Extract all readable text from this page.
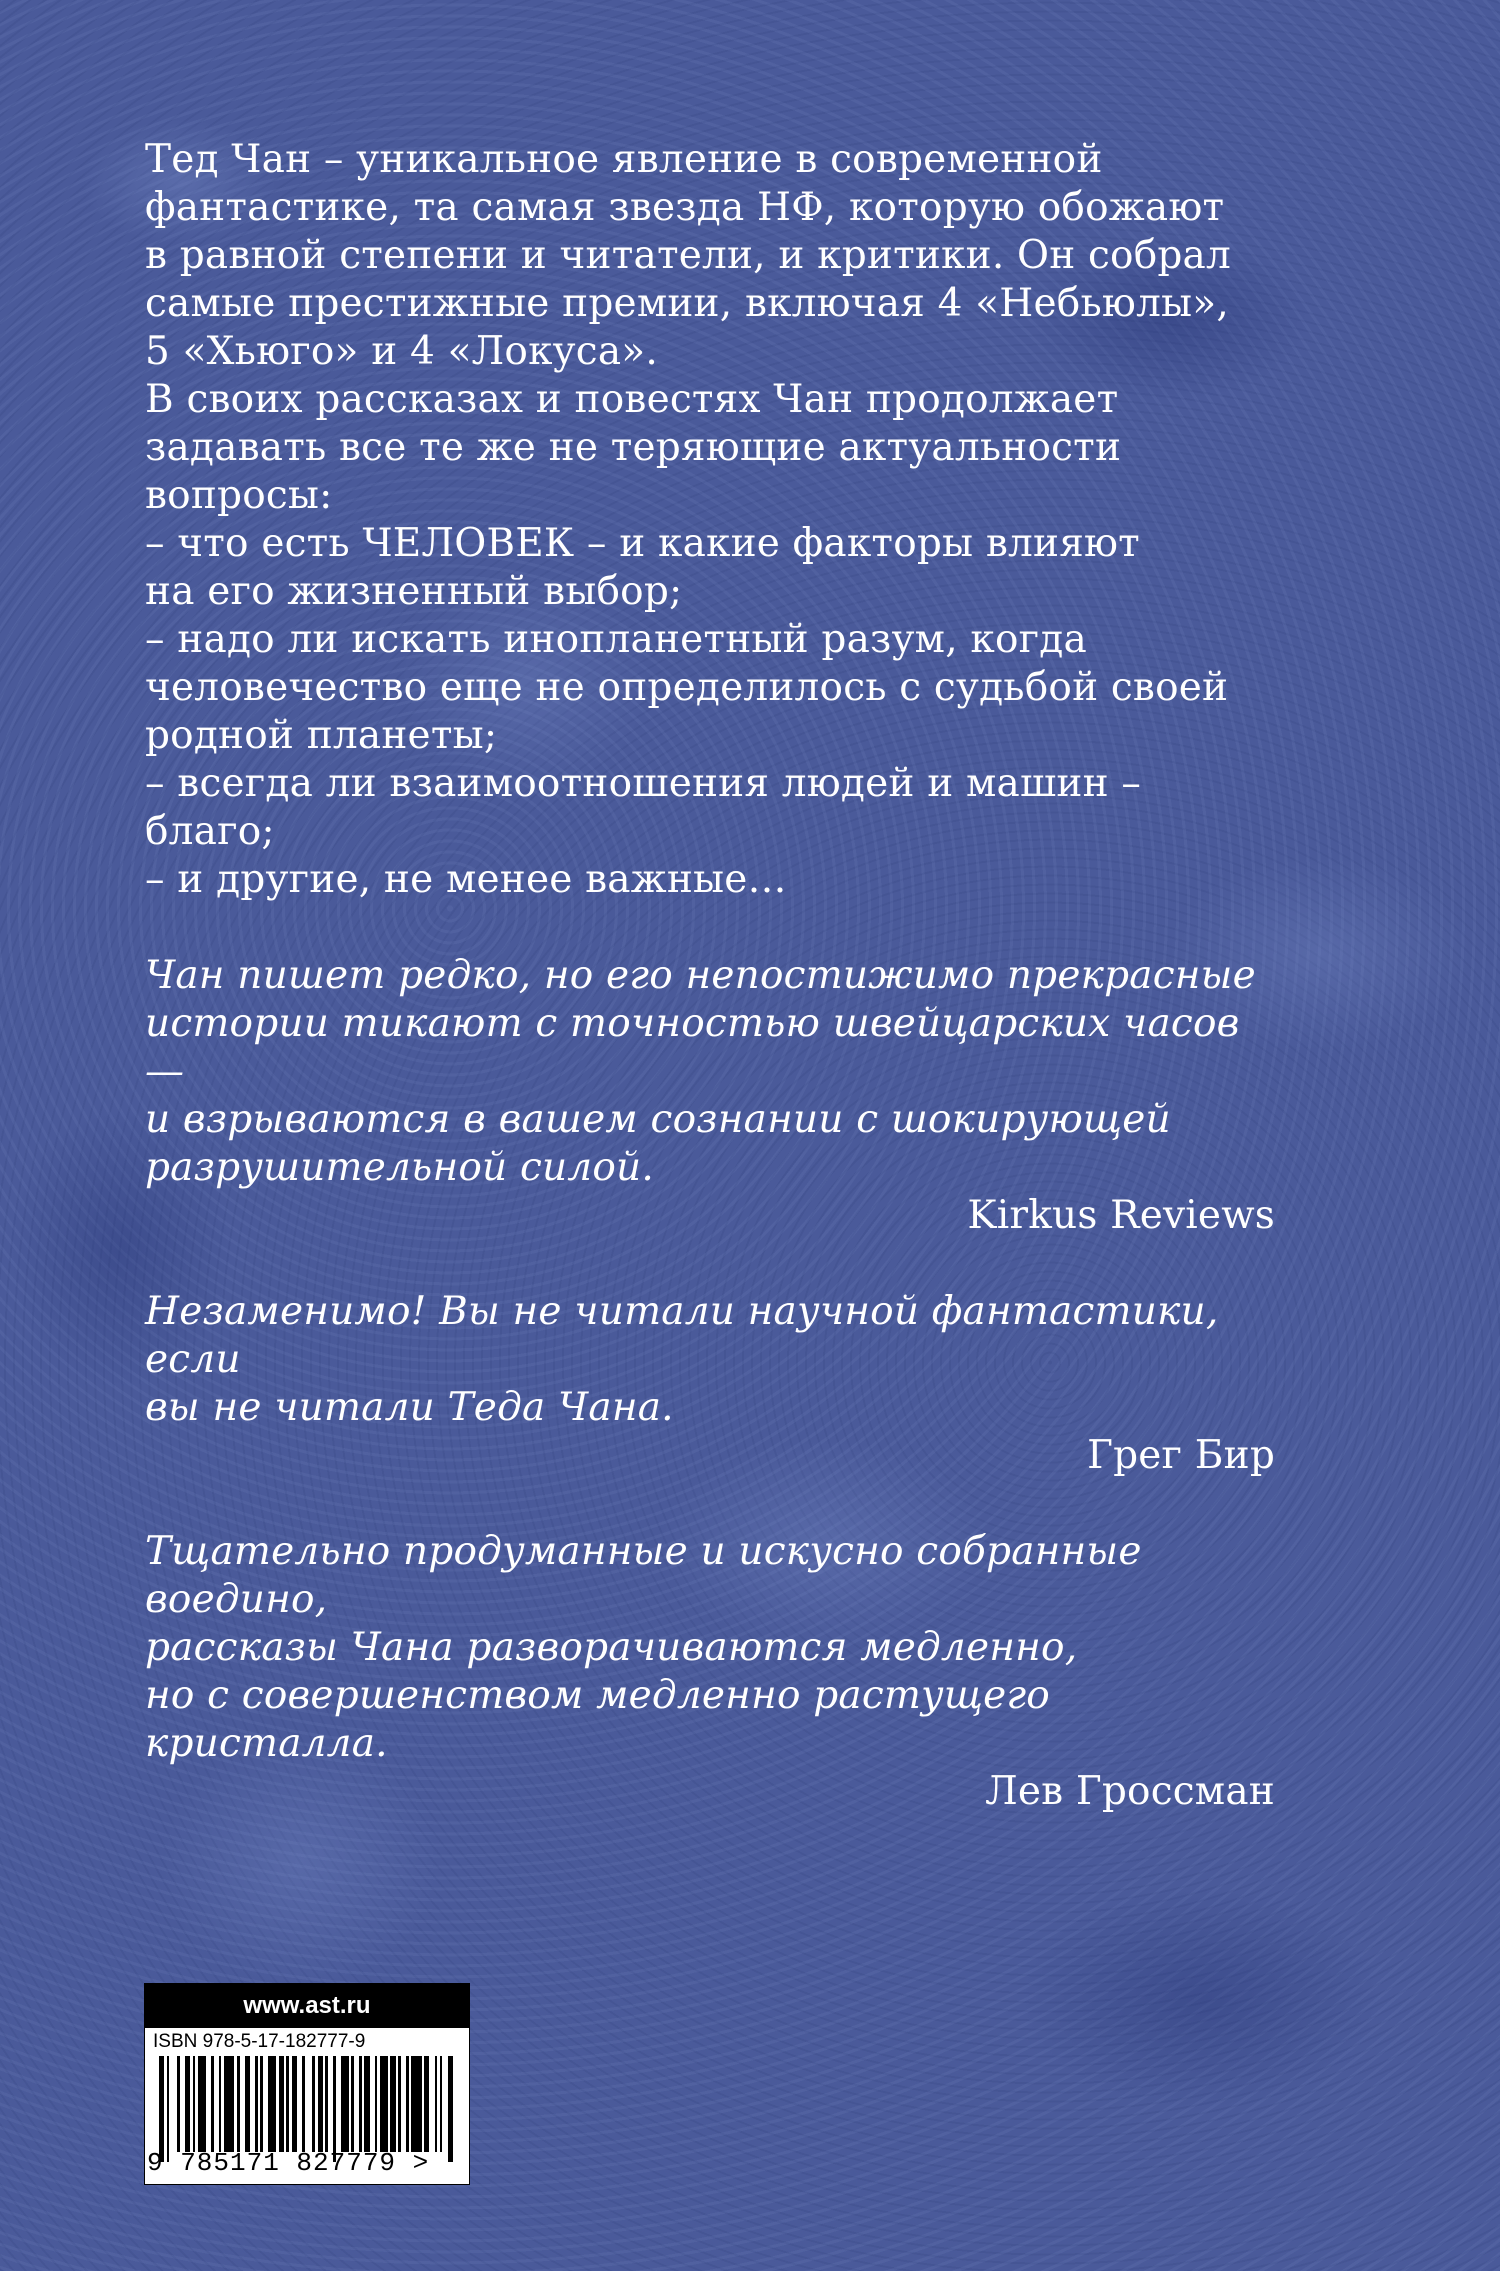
Тед Чан – уникальное явление в современной
фантастике, та самая звезда НФ, которую обожают
в равной степени и читатели, и критики. Он собрал
самые престижные премии, включая 4 «Небьюлы»,
5 «Хьюго» и 4 «Локуса».

В своих рассказах и повестях Чан продолжает
задавать все те же не теряющие актуальности
вопросы:

– что есть ЧЕЛОВЕК – и какие факторы влияют
на его жизненный выбор;

– надо ли искать инопланетный разум, когда
человечество еще не определилось с судьбой своей
родной планеты;

– всегда ли взаимоотношения людей и машин –
благо;

– и другие, не менее важные…

Чан пишет редко, но его непостижимо прекрасные
истории тикают с точностью швейцарских часов —
и взрываются в вашем сознании с шокирующей
разрушительной силой.

Kirkus Reviews

Незаменимо! Вы не читали научной фантастики, если
вы не читали Теда Чана.

Грег Бир

Тщательно продуманные и искусно собранные воедино,
рассказы Чана разворачиваются медленно,
но с совершенством медленно растущего кристалла.

Лев Гроссман

www.ast.ru
ISBN 978-5-17-182777-9
9 785171 827779 >
